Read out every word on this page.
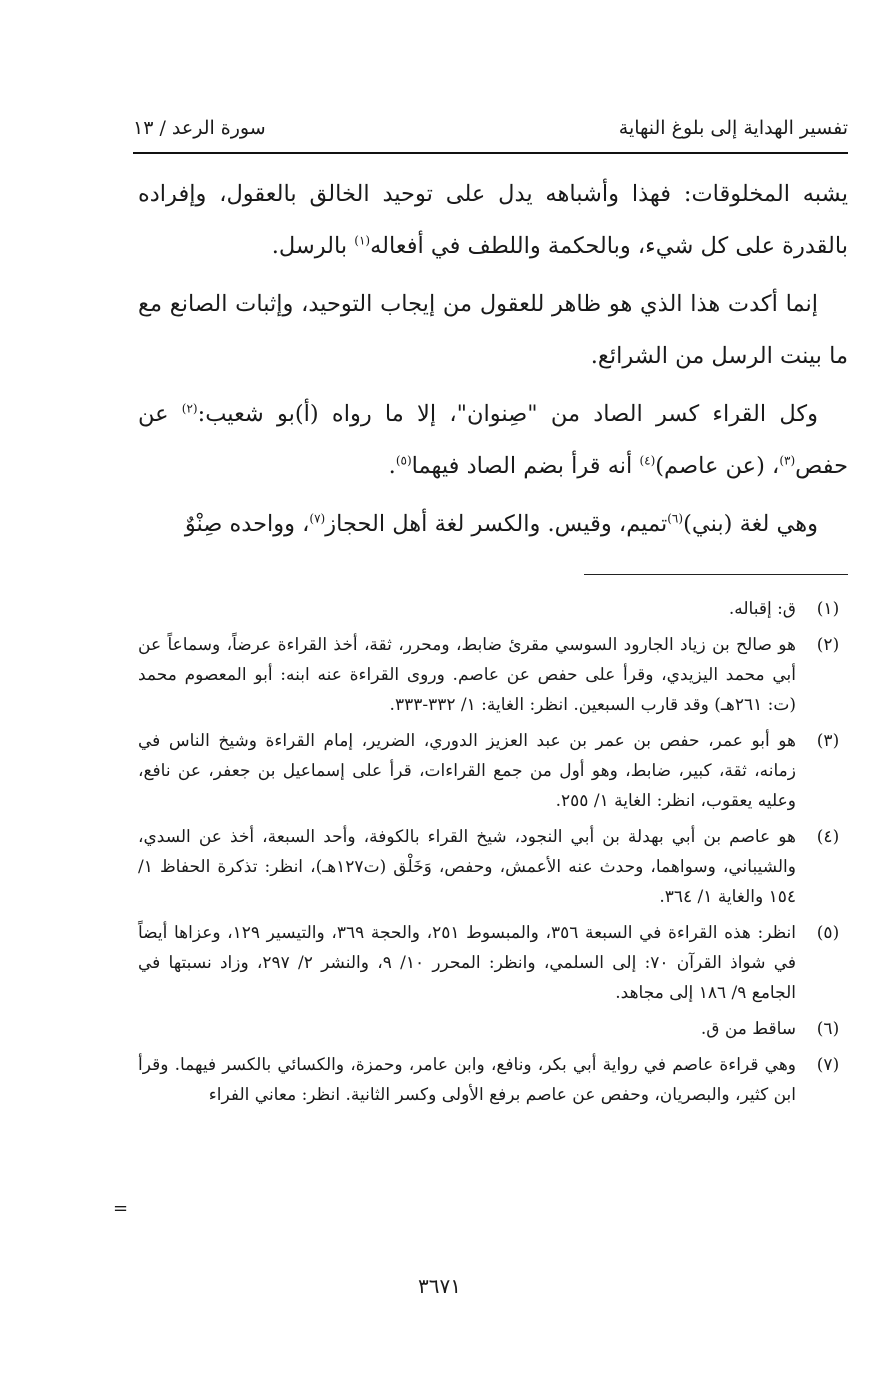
تفسير الهداية إلى بلوغ النهاية
سورة الرعد / ١٣

يشبه المخلوقات: فهذا وأشباهه يدل على توحيد الخالق بالعقول، وإفراده بالقدرة على كل شيء، وبالحكمة واللطف في أفعاله$^{(١)}$ بالرسل.

إنما أكدت هذا الذي هو ظاهر للعقول من إيجاب التوحيد، وإثبات الصانع مع ما بينت الرسل من الشرائع.

وكل القراء كسر الصاد من "صِنوان"، إلا ما رواه (أ)بو شعيب:$^{(٢)}$ عن حفص$^{(٣)}$، (عن عاصم)$^{(٤)}$ أنه قرأ بضم الصاد فيهما$^{(٥)}$.

وهي لغة (بني)$^{(٦)}$تميم، وقيس. والكسر لغة أهل الحجاز$^{(٧)}$، وواحده صِنْوٌ

(١)
ق: إقباله.
(٢)
هو صالح بن زياد الجارود السوسي مقرئ ضابط، ومحرر، ثقة، أخذ القراءة عرضاً، وسماعاً عن أبي محمد اليزيدي، وقرأ على حفص عن عاصم. وروى القراءة عنه ابنه: أبو المعصوم محمد (ت: ٢٦١هـ) وقد قارب السبعين. انظر: الغاية: ١/ ٣٣٢-٣٣٣.
(٣)
هو أبو عمر، حفص بن عمر بن عبد العزيز الدوري، الضرير، إمام القراءة وشيخ الناس في زمانه، ثقة، كبير، ضابط، وهو أول من جمع القراءات، قرأ على إسماعيل بن جعفر، عن نافع، وعليه يعقوب، انظر: الغاية ١/ ٢٥٥.
(٤)
هو عاصم بن أبي بهدلة بن أبي النجود، شيخ القراء بالكوفة، وأحد السبعة، أخذ عن السدي، والشيباني، وسواهما، وحدث عنه الأعمش، وحفص، وَخَلْق (ت١٢٧هـ)، انظر: تذكرة الحفاظ ١/ ١٥٤ والغاية ١/ ٣٦٤.
(٥)
انظر: هذه القراءة في السبعة ٣٥٦، والمبسوط ٢٥١، والحجة ٣٦٩، والتيسير ١٢٩، وعزاها أيضاً في شواذ القرآن ٧٠: إلى السلمي، وانظر: المحرر ١٠/ ٩، والنشر ٢/ ٢٩٧، وزاد نسبتها في الجامع ٩/ ١٨٦ إلى مجاهد.
(٦)
ساقط من ق.
(٧)
وهي قراءة عاصم في رواية أبي بكر، ونافع، وابن عامر، وحمزة، والكسائي بالكسر فيهما. وقرأ ابن كثير، والبصريان، وحفص عن عاصم برفع الأولى وكسر الثانية. انظر: معاني الفراء
=
٣٦٧١
